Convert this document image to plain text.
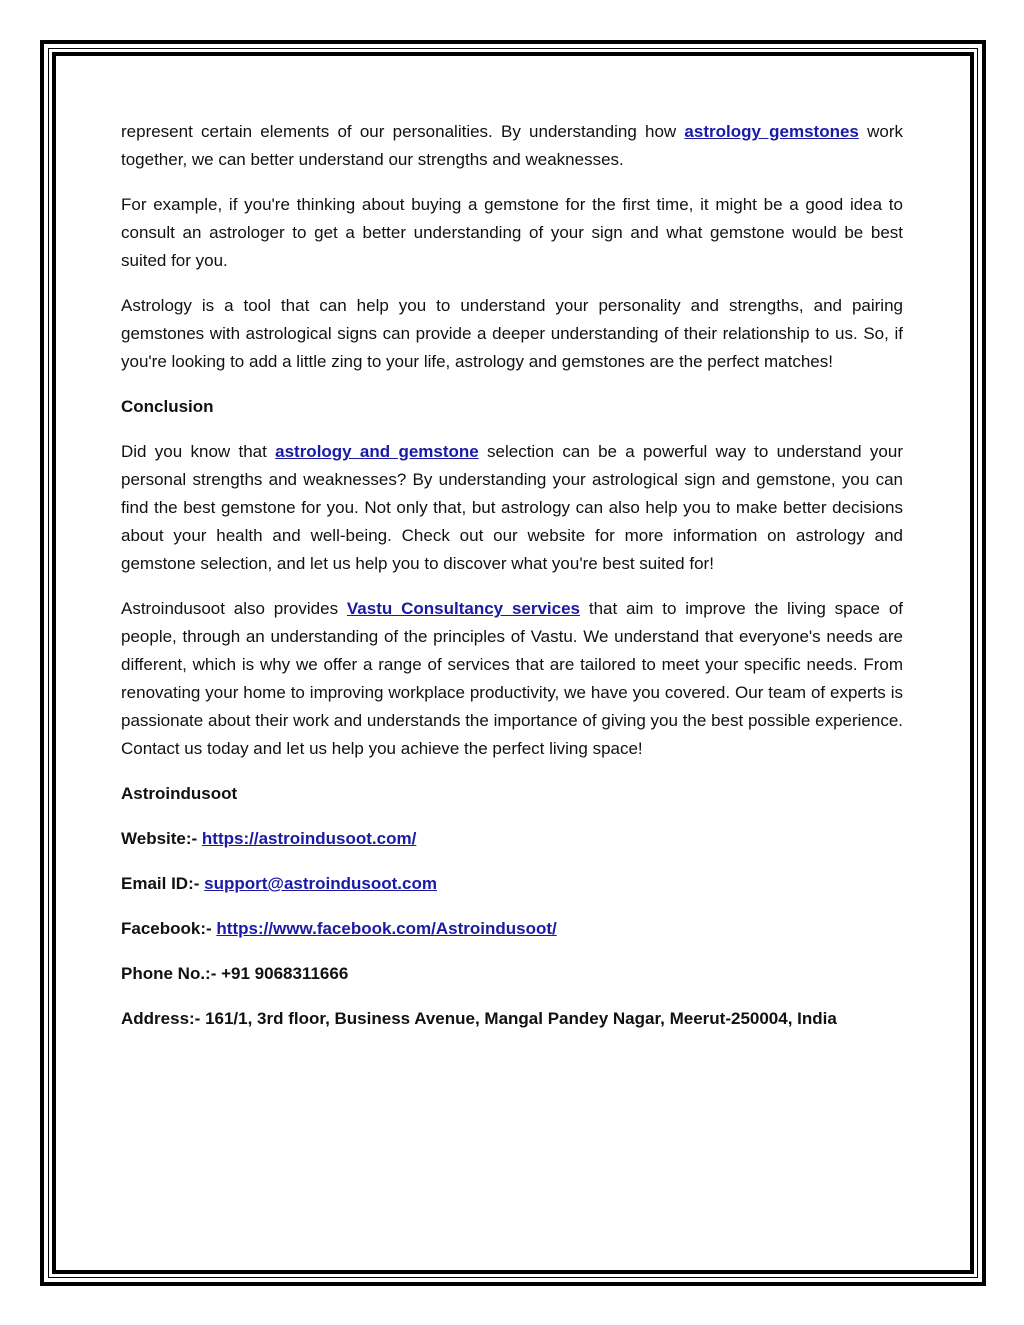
represent certain elements of our personalities. By understanding how astrology gemstones work together, we can better understand our strengths and weaknesses.

For example, if you're thinking about buying a gemstone for the first time, it might be a good idea to consult an astrologer to get a better understanding of your sign and what gemstone would be best suited for you.

Astrology is a tool that can help you to understand your personality and strengths, and pairing gemstones with astrological signs can provide a deeper understanding of their relationship to us. So, if you're looking to add a little zing to your life, astrology and gemstones are the perfect matches!

Conclusion

Did you know that astrology and gemstone selection can be a powerful way to understand your personal strengths and weaknesses? By understanding your astrological sign and gemstone, you can find the best gemstone for you. Not only that, but astrology can also help you to make better decisions about your health and well-being. Check out our website for more information on astrology and gemstone selection, and let us help you to discover what you're best suited for!

Astroindusoot also provides Vastu Consultancy services that aim to improve the living space of people, through an understanding of the principles of Vastu. We understand that everyone's needs are different, which is why we offer a range of services that are tailored to meet your specific needs. From renovating your home to improving workplace productivity, we have you covered. Our team of experts is passionate about their work and understands the importance of giving you the best possible experience. Contact us today and let us help you achieve the perfect living space!

Astroindusoot

Website:- https://astroindusoot.com/

Email ID:- support@astroindusoot.com

Facebook:- https://www.facebook.com/Astroindusoot/

Phone No.:- +91 9068311666

Address:- 161/1, 3rd floor, Business Avenue, Mangal Pandey Nagar, Meerut-250004, India
